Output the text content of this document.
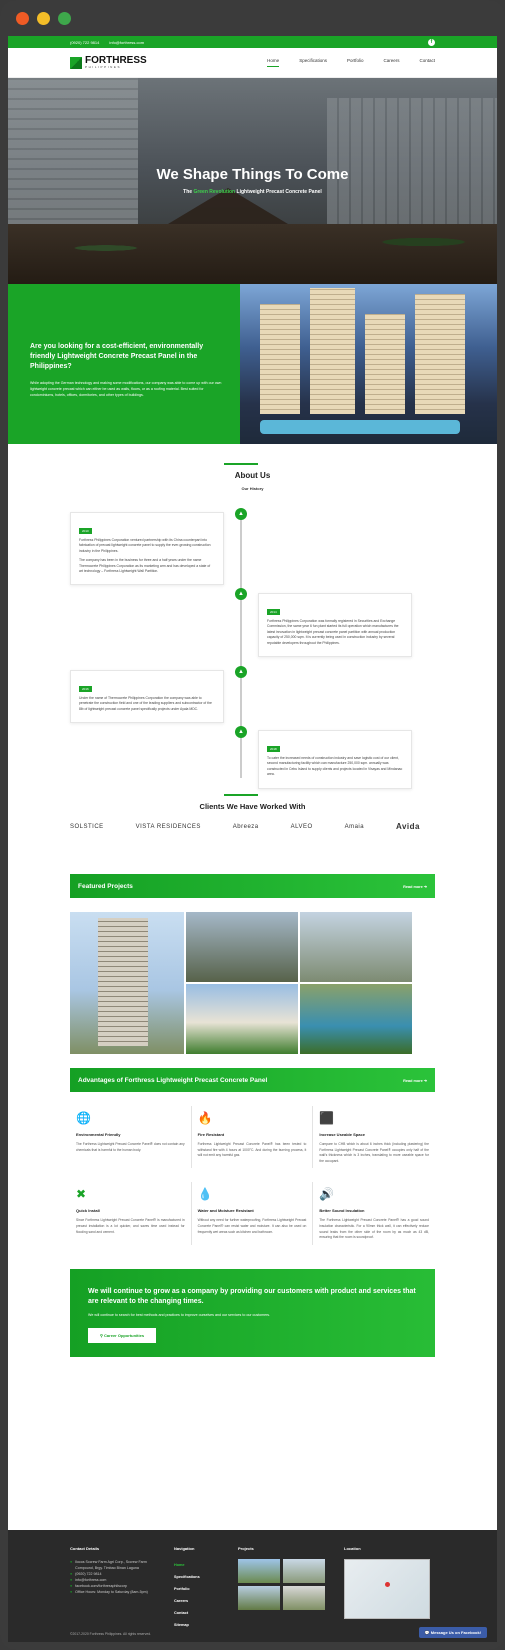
(0920) 722 9814	info@forthress.com	f
FORTHRESS
PHILIPPINES
Home	Specifications	Portfolio	Careers	Contact
We Shape Things To Come
The Green Revolution Lightweight Precast Concrete Panel
Are you looking for a cost-efficient, environmentally friendly Lightweight Concrete Precast Panel in the Philippines?

While adopting the German technology and making some modifications, our company was able to come up with our own lightweight concrete precast which can either be used as walls, floors, or as a roofing material. Best suited for condominiums, hotels, offices, dormitories, and other types of buildings.

About Us
Our History
▲
2010

Forthress Philippines Corporation ventured partnership with its China counterpart into fabrication of precast lightweight concrete panel to supply the ever-growing construction industry in the Philippines.

The company has been in the business for three and a half years under the name Thermocrete Philippines Corporation as its marketing arm and has developed a state of art technology – Forthress Lightweight Wall Partition.

▲
2014

Forthress Philippines Corporation was formally registered in Securities and Exchange Commission, the same year 6 fun plant started its full operation which manufactures the latest innovation in lightweight precast concrete panel partition with annual production capacity of 250,000 sqm. It is currently being used in construction industry by several reputable developers throughout the Philippines.

▲
2016

Under the name of Thermocrete Philippines Corporation the company was able to penetrate the construction field and one of the leading suppliers and subcontractor of the 8lb of lightweight precast concrete panel specifically projects under Ayala MDC.

▲
2018

To cater the increased needs of construction industry and save logistic cost of our client, second manufacturing facility which can manufacture 250,000 sqm. annually was constructed in Cebu Island to supply clients and projects located in Visayas and Mindanao area.

Clients We Have Worked With
SOLSTICE	VISTA RESIDENCES	Abreeza	ALVEO	Amaia	Avida
Featured Projects	Read more ➔
Advantages of Forthress Lightweight Precast Concrete Panel	Read more ➔
🌐
Environmental Friendly

The Forthress Lightweight Precast Concrete Panel® does not contain any chemicals that is harmful to the human body.

🔥
Fire Resistant

Forthress Lightweight Precast Concrete Panel® has been tested to withstand fire with 4 hours at 1000°C. And during the burning process, it will not emit any harmful gas.

⬛
Increase Useable Space

Compare to CHB which is about 6 inches thick (including plastering) the Forthress Lightweight Precast Concrete Panel® occupies only half of the wall's thickness which is 3 inches, translating to more useable space for the occupant.

✖
Quick Install

Since Forthress Lightweight Precast Concrete Panel® is manufactured in precast installation is a lot quicker, and saves time used instead for flooding sand and cement.

💧
Water and Moisture Resistant

Without any need for further waterproofing, Forthress Lightweight Precast Concrete Panel® can resist water and moisture. It can also be used on frequently wet areas such as kitchen and bathroom.

🔊
Better Sound Insulation

The Forthress Lightweight Precast Concrete Panel® has a good sound insulation characteristic. For a 90mm thick wall, it can effectively reduce sound leaks from the other side of the room by as much as 43 dB, ensuring that the room is soundproof.

We will continue to grow as a company by providing our customers with product and services that are relevant to the changing times.

We will continue to search for best methods and practices to improve ourselves and our services to our customers.

⚲ Career Opportunities
Contact Details
● Ilocos Sccrew Farm Agri Corp., Sccrew Farm Compound, Brgy. Timbao Binan Laguna
● (0920) 722 9814
● info@forthress.com
● facebook.com/forthressphilscorp
● Office Hours: Monday to Saturday (8am-5pm)
Navigation
Home
Specifications
Portfolio
Careers
Contact
Sitemap
Projects	Location
©2017-2020 Forthress Philippines. All rights reserved.	💬 Message Us on Facebook!
